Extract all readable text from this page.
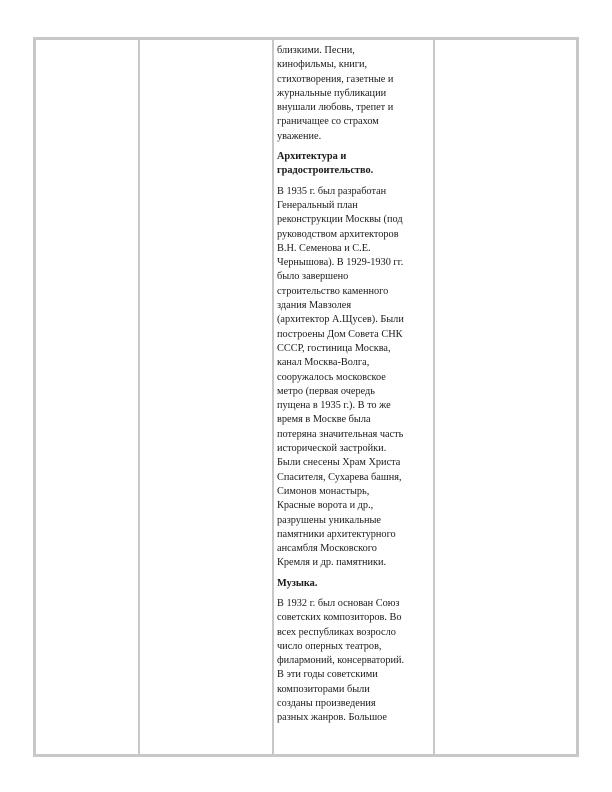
близкими. Песни,
кинофильмы, книги,
стихотворения, газетные и
журнальные публикации
внушали любовь, трепет и
граничащее со страхом
уважение.

Архитектура и
градостроительство.

В 1935 г. был разработан
Генеральный план
реконструкции Москвы (под
руководством архитекторов
В.Н. Семенова и С.Е.
Чернышова). В 1929-1930 гг.
было завершено
строительство каменного
здания Мавзолея
(архитектор А.Щусев). Были
построены Дом Совета СНК
СССР, гостиница Москва,
канал Москва-Волга,
сооружалось московское
метро (первая очередь
пущена в 1935 г.). В то же
время в Москве была
потеряна значительная часть
исторической застройки.
Были снесены Храм Христа
Спасителя, Сухарева башня,
Симонов монастырь,
Красные ворота и др.,
разрушены уникальные
памятники архитектурного
ансамбля Московского
Кремля и др. памятники.

Музыка.

В 1932 г. был основан Союз
советских композиторов. Во
всех республиках возросло
число оперных театров,
филармоний, консерваторий.
В эти годы советскими
композиторами были
созданы произведения
разных жанров. Большое
